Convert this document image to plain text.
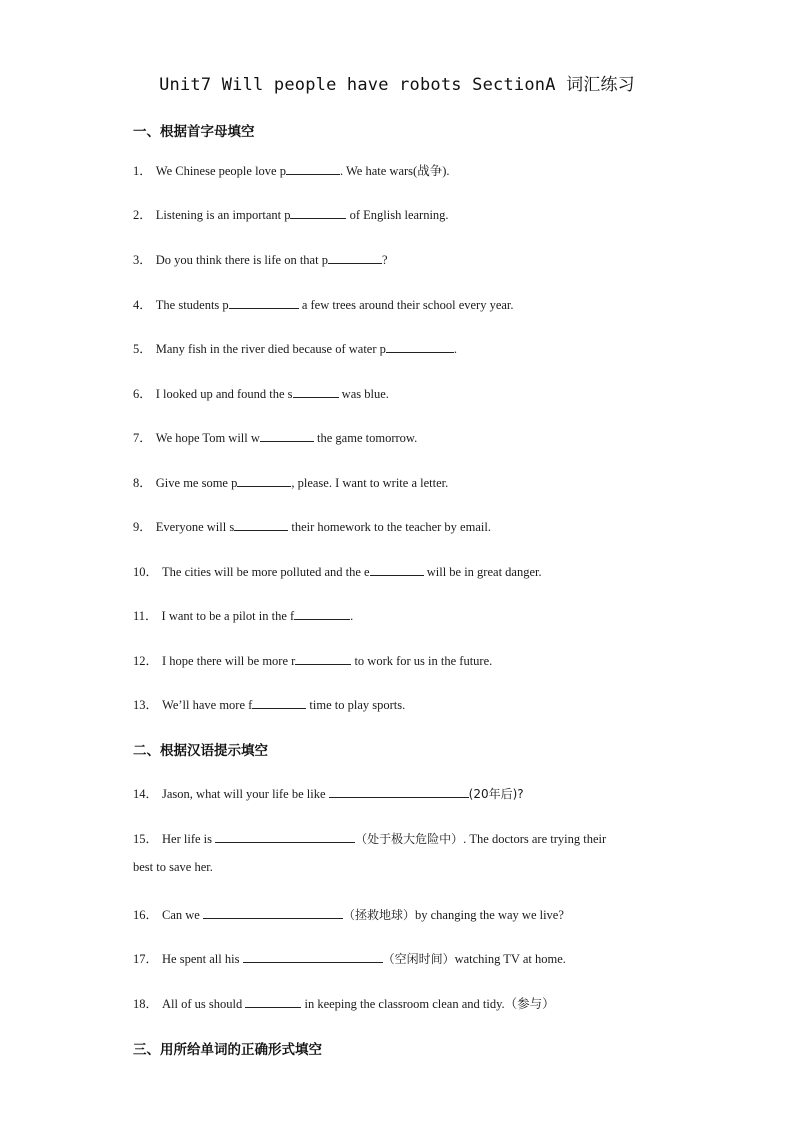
Unit7 Will people have robots SectionA 词汇练习
一、根据首字母填空
1． We Chinese people love p	. We hate wars(战争).
2． Listening is an important p	of English learning.
3． Do you think there is life on that p	?
4． The students p	a few trees around their school every year.
5． Many fish in the river died because of water p	.
6． I looked up and found the s	was blue.
7． We hope Tom will w	the game tomorrow.
8． Give me some p	, please. I want to write a letter.
9． Everyone will s	their homework to the teacher by email.
10． The cities will be more polluted and the e	will be in great danger.
11． I want to be a pilot in the f	.
12． I hope there will be more r	to work for us in the future.
13． We’ll have more f	time to play sports.
二、根据汉语提示填空
14． Jason, what will your life be like	(20年后)?
15． Her life is	（处于极大危险中）. The doctors are trying their
best to save her.
16． Can we	（拯救地球）by changing the way we live?
17． He spent all his	（空闲时间）watching TV at home.
18． All of us should	in keeping the classroom clean and tidy.（参与）
三、用所给单词的正确形式填空
